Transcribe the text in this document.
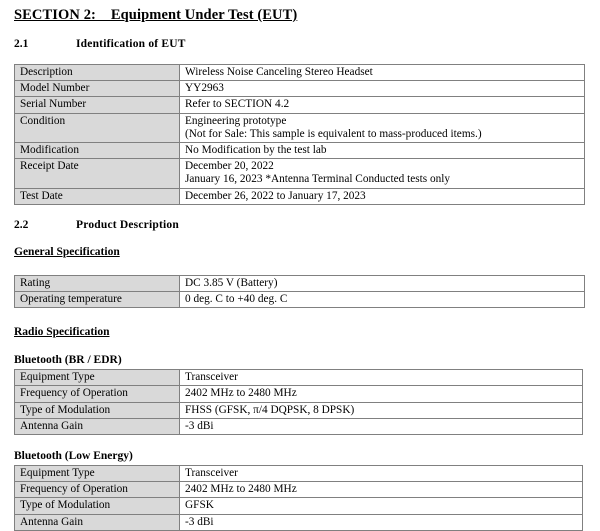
SECTION 2:    Equipment Under Test (EUT)
2.1	Identification of EUT
Description	Wireless Noise Canceling Stereo Headset
Model Number	YY2963
Serial Number	Refer to SECTION 4.2
Condition	Engineering prototype
(Not for Sale: This sample is equivalent to mass-produced items.)

Modification	No Modification by the test lab
Receipt Date	December 20, 2022
January 16, 2023 *Antenna Terminal Conducted tests only

Test Date	December 26, 2022 to January 17, 2023
2.2	Product Description
General Specification
Rating	DC 3.85 V (Battery)
Operating temperature	0 deg. C to +40 deg. C
Radio Specification
Bluetooth (BR / EDR)
Equipment Type	Transceiver
Frequency of Operation	2402 MHz to 2480 MHz
Type of Modulation	FHSS (GFSK, π/4 DQPSK, 8 DPSK)
Antenna Gain	-3 dBi
Bluetooth (Low Energy)
Equipment Type	Transceiver
Frequency of Operation	2402 MHz to 2480 MHz
Type of Modulation	GFSK
Antenna Gain	-3 dBi
